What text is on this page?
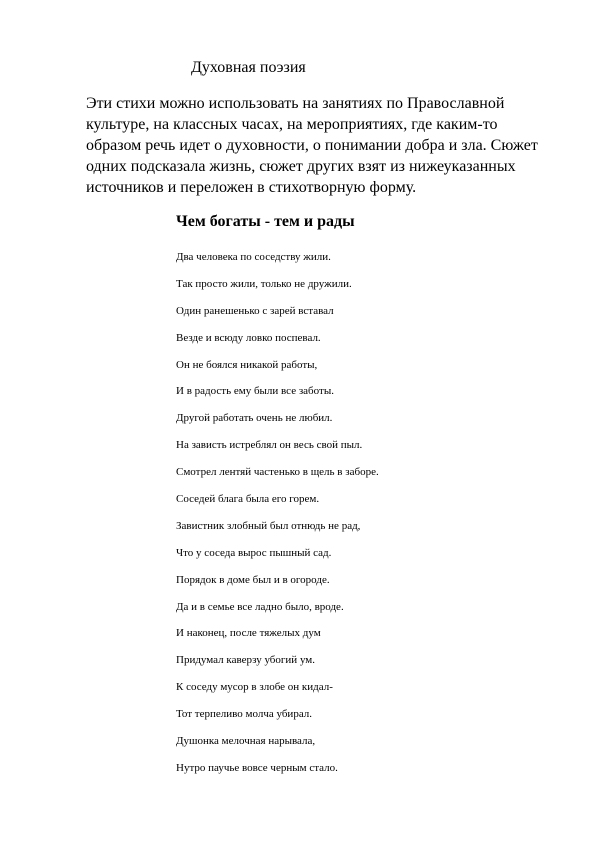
Духовная поэзия

Эти стихи можно использовать на занятиях по Православной
культуре, на классных часах, на мероприятиях, где каким-то
образом речь идет о духовности, о понимании добра и зла. Сюжет
одних подсказала жизнь, сюжет других взят из нижеуказанных
источников и переложен в стихотворную форму.

Чем богаты - тем и рады
Два человека по соседству жили.
Так просто жили, только не дружили.
Один ранешенько с зарей вставал
Везде и всюду ловко поспевал.
Он не боялся никакой работы,
И в радость ему были все заботы.
Другой работать очень не любил.
На зависть истреблял он весь свой пыл.
Смотрел лентяй частенько в щель в заборе.
Соседей блага была его горем.
Завистник злобный был отнюдь не рад,
Что у соседа вырос пышный сад.
Порядок в доме был и в огороде.
Да и в семье все ладно было, вроде.
И наконец, после тяжелых дум
Придумал каверзу убогий ум.
К соседу мусор в злобе он кидал-
Тот терпеливо молча убирал.
Душонка мелочная нарывала,
Нутро паучье вовсе черным стало.
